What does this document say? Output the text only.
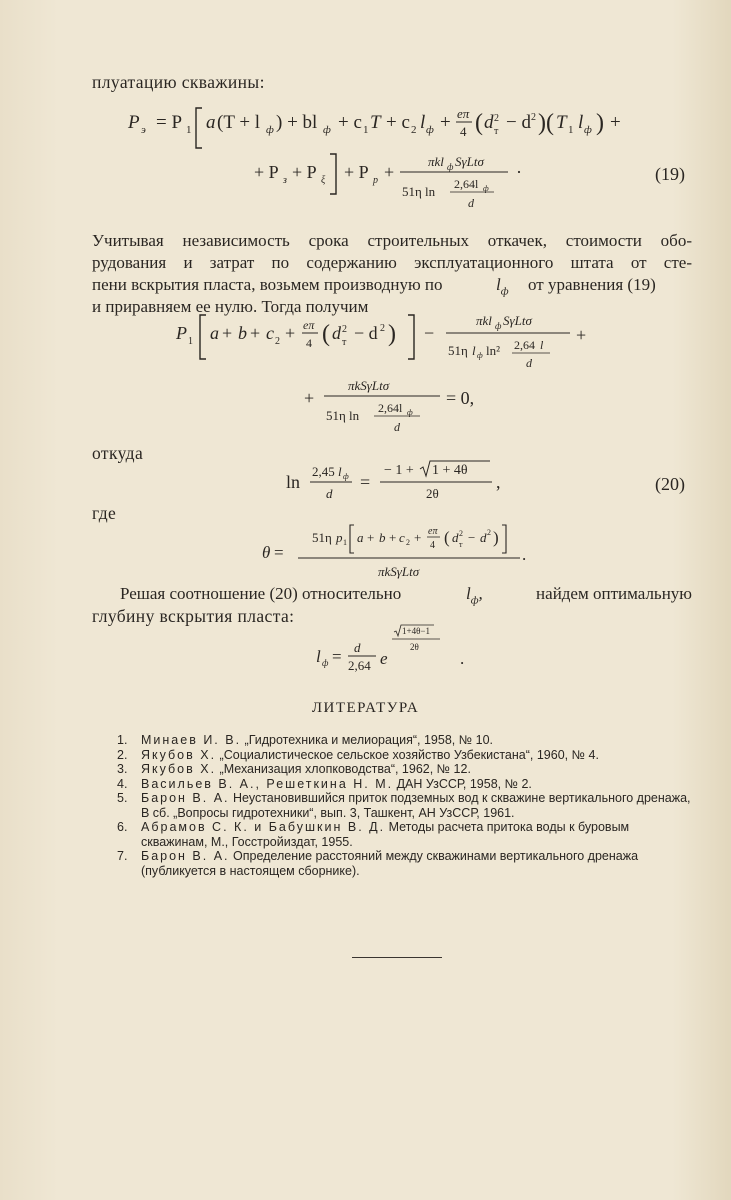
плуатацию скважины:
P э = P 1 a (T + l ф ) + bl ф + c 1 T + c 2 l ф + eπ
4 ( d 2
т − d 2 )( T 1 l ф ) +
+ P з + P ξ + P р +
πkl ф SγLtσ
51η ln 2,64l ф
d
·	(19)
Учитывая независимость срока строительных откачек, стоимости обо-
рудования и затрат по содержанию эксплуатационного штата от сте-
пени вскрытия пласта, возьмем производную по	$l_ф$ от уравнения (19)
и приравняем ее нулю. Тогда получим
P 1 a + b + c 2 + eπ
4 ( d 2
т − d 2 ) −
πkl ф SγLtσ
51η l ф ln² 2,64 l
d
+
+
πkSγLtσ
51η ln 2,64l ф
d
= 0,
откуда
ln
2,45 l ф
d
=
− 1 + 1 + 4θ
2θ
,	(20)
где
θ =
51η p 1 a + b + c 2 + eπ
4 ( d 2
т − d 2 )
πkSγLtσ
.
Решая соотношение (20) относительно	$l_ф$,	найдем оптимальную
глубину вскрытия пласта:
l ф = d
2,64 e
1+4θ−1
2θ
.
ЛИТЕРАТУРА
1. Минаев И. В. „Гидротехника и мелиорация“, 1958, № 10.
2. Якубов Х. „Социалистическое сельское хозяйство Узбекистана“, 1960, № 4.
3. Якубов Х. „Механизация хлопководства“, 1962, № 12.
4. Васильев В. А., Решеткина Н. М. ДАН УзССР, 1958, № 2.
5. Барон В. А. Неустановившийся приток подземных вод к скважине вертикального дренажа, В сб. „Вопросы гидротехники“, вып. 3, Ташкент, АН УзССР, 1961.
6. Абрамов С. К. и Бабушкин В. Д. Методы расчета притока воды к буровым скважинам, М., Госстройиздат, 1955.
7. Барон В. А. Определение расстояний между скважинами вертикального дренажа (публикуется в настоящем сборнике).
